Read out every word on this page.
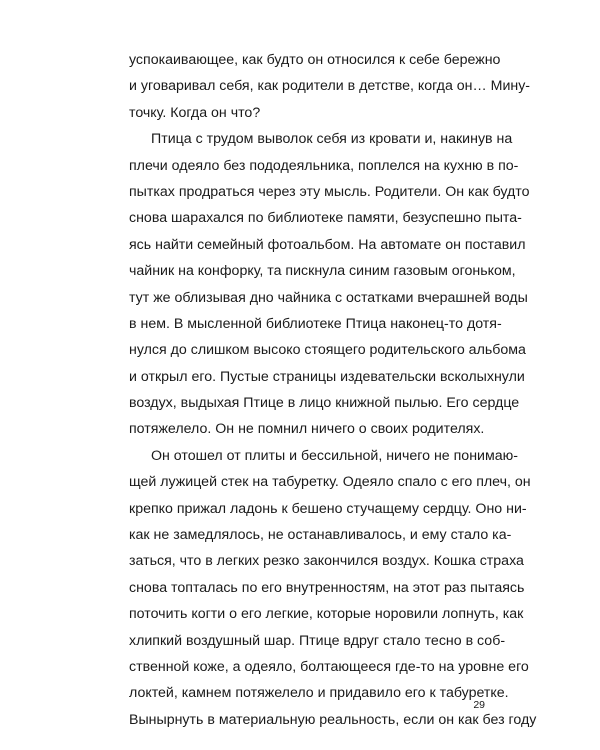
успокаивающее, как будто он относился к себе бережно
и уговаривал себя, как родители в детстве, когда он… Мину-
точку. Когда он что?
Птица с трудом выволок себя из кровати и, накинув на
плечи одеяло без пододеяльника, поплелся на кухню в по-
пытках продраться через эту мысль. Родители. Он как будто
снова шарахался по библиотеке памяти, безуспешно пыта-
ясь найти семейный фотоальбом. На автомате он поставил
чайник на конфорку, та пискнула синим газовым огоньком,
тут же облизывая дно чайника с остатками вчерашней воды
в нем. В мысленной библиотеке Птица наконец-то дотя-
нулся до слишком высоко стоящего родительского альбома
и открыл его. Пустые страницы издевательски всколыхнули
воздух, выдыхая Птице в лицо книжной пылью. Его сердце
потяжелело. Он не помнил ничего о своих родителях.
Он отошел от плиты и бессильной, ничего не понимаю-
щей лужицей стек на табуретку. Одеяло спало с его плеч, он
крепко прижал ладонь к бешено стучащему сердцу. Оно ни-
как не замедлялось, не останавливалось, и ему стало ка-
заться, что в легких резко закончился воздух. Кошка страха
снова топталась по его внутренностям, на этот раз пытаясь
поточить когти о его легкие, которые норовили лопнуть, как
хлипкий воздушный шар. Птице вдруг стало тесно в соб-
ственной коже, а одеяло, болтающееся где-то на уровне его
локтей, камнем потяжелело и придавило его к табуретке.
Вынырнуть в материальную реальность, если он как без году
29
